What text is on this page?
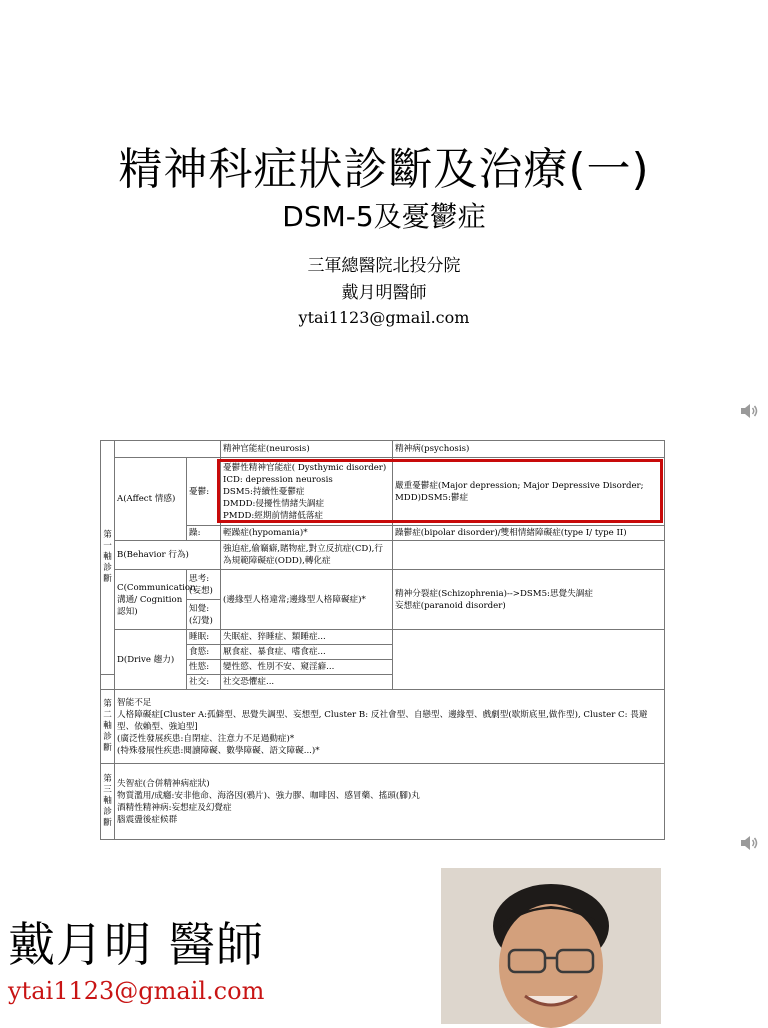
精神科症狀診斷及治療(一)
DSM-5及憂鬱症
三軍總醫院北投分院
戴月明醫師
ytai1123@gmail.com
第一軸診斷			精神官能症(neurosis)	精神病(psychosis)
	A(Affect 情感)	憂鬱:	憂鬱性精神官能症( Dysthymic disorder)
ICD: depression neurosis
DSM5:持續性憂鬱症
DMDD:侵擾性情緒失調症
PMDD:經期前情緒低落症	嚴重憂鬱症(Major depression; Major Depressive Disorder; MDD)DSM5:鬱症
		躁:	輕躁症(hypomania)*	躁鬱症(bipolar disorder)/雙相情緒障礙症(type I/ type II)
	B(Behavior 行為)		強迫症,偷竊癖,賭物症,對立反抗症(CD),行為規範障礙症(ODD),轉化症	
	C(Communication溝通/ Cognition 認知)	思考:(妄想)	(邊緣型人格違常;邊緣型人格障礙症)*	精神分裂症(Schizophrenia)-->DSM5:思覺失調症
妄想症(paranoid disorder)

		知覺:(幻覺)		
	D(Drive 趨力)	睡眠:	失眠症、猝睡症、類睡症...	
		食慾:	厭食症、暴食症、嗜食症...	
		性慾:	變性慾、性別不安、窺淫癖...	
		社交:	社交恐懼症...	
第二軸診斷	智能不足
人格障礙症[Cluster A:孤僻型、思覺失調型、妄想型, Cluster B: 反社會型、自戀型、邊緣型、戲劇型(歇斯底里,做作型), Cluster C: 畏避型、依賴型、強迫型]
(廣泛性發展疾患:自閉症、注意力不足過動症)*
(特殊發展性疾患:閱讀障礙、數學障礙、語文障礙...)*			

第三軸診斷	失智症(合併精神病症狀)
物質濫用/成癮:安非他命、海洛因(鴉片)、強力膠、咖啡因、感冒藥、搖頭(腳)丸
酒精性精神病:妄想症及幻覺症
腦震盪後症候群			
戴月明 醫師
ytai1123@gmail.com
